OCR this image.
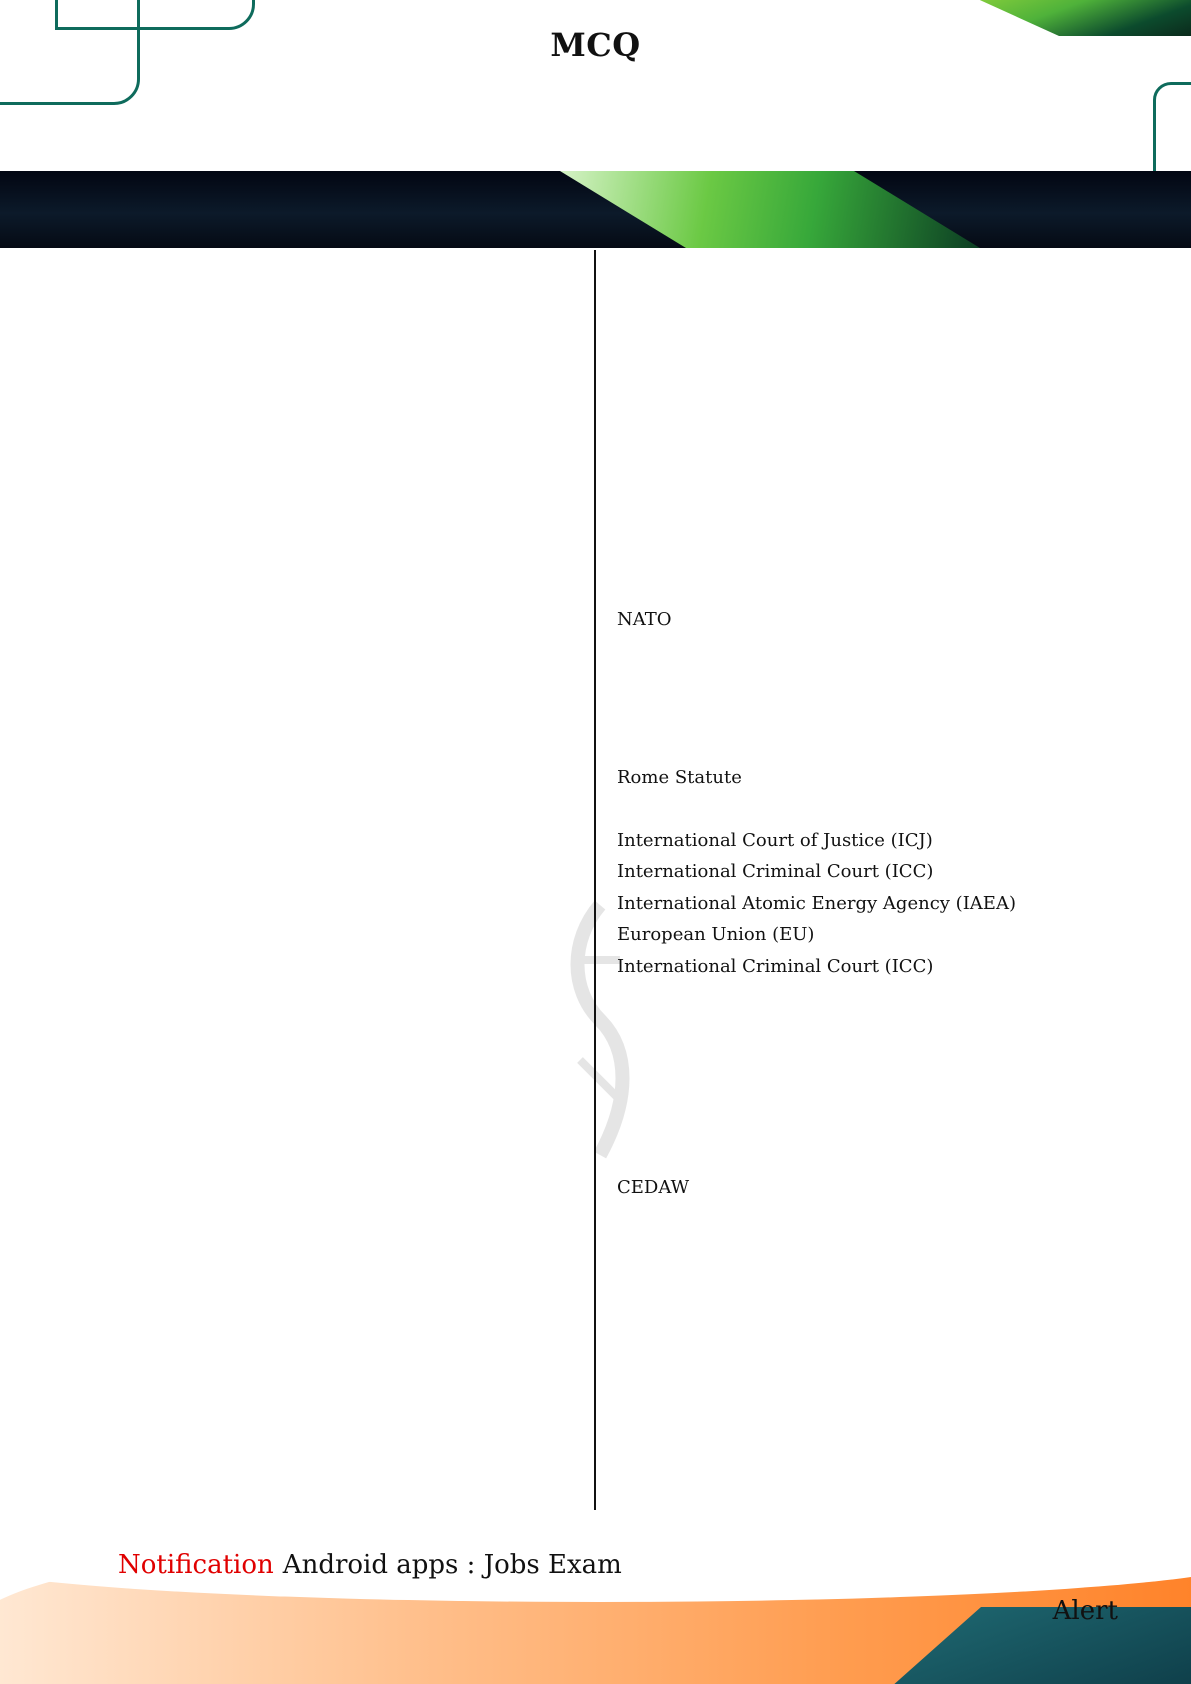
MCQ
NATO
Rome Statute
International Court of Justice (ICJ)
International Criminal Court (ICC)
International Atomic Energy Agency (IAEA)
European Union (EU)
International Criminal Court (ICC)
CEDAW
Notification Android apps : Jobs Exam
Alert
